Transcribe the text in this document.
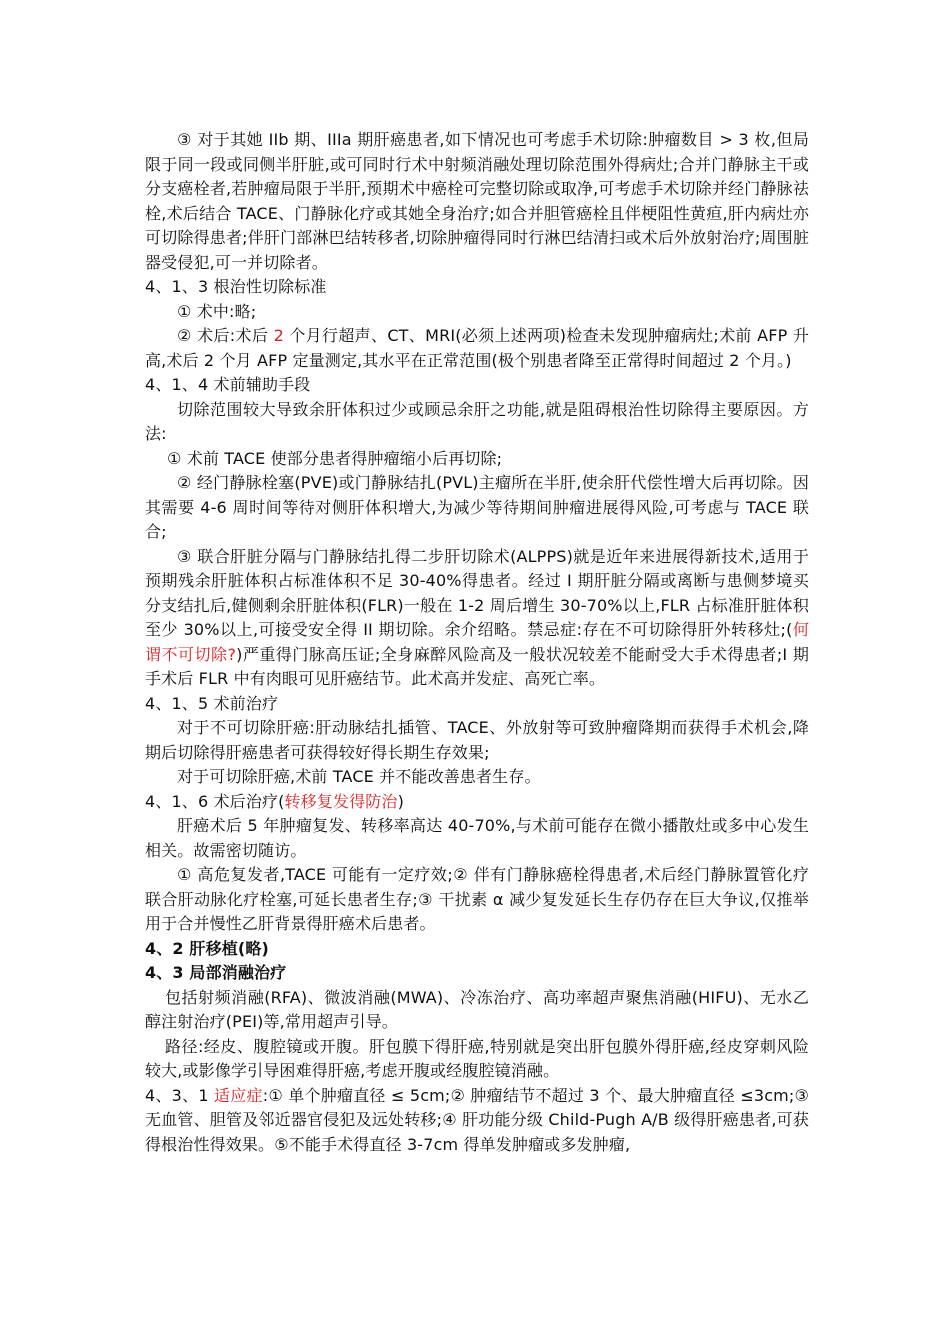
③ 对于其她 IIb 期、IIIa 期肝癌患者,如下情况也可考虑手术切除:肿瘤数目 > 3 枚,但局限于同一段或同侧半肝脏,或可同时行术中射频消融处理切除范围外得病灶;合并门静脉主干或分支癌栓者,若肿瘤局限于半肝,预期术中癌栓可完整切除或取净,可考虑手术切除并经门静脉祛栓,术后结合 TACE、门静脉化疗或其她全身治疗;如合并胆管癌栓且伴梗阻性黄疸,肝内病灶亦可切除得患者;伴肝门部淋巴结转移者,切除肿瘤得同时行淋巴结清扫或术后外放射治疗;周围脏器受侵犯,可一并切除者。

4、1、3 根治性切除标准

① 术中:略;

② 术后:术后 2 个月行超声、CT、MRI(必须上述两项)检查未发现肿瘤病灶;术前 AFP 升高,术后 2 个月 AFP 定量测定,其水平在正常范围(极个别患者降至正常得时间超过 2 个月。)

4、1、4 术前辅助手段

切除范围较大导致余肝体积过少或顾忌余肝之功能,就是阻碍根治性切除得主要原因。方法:

① 术前 TACE 使部分患者得肿瘤缩小后再切除;

② 经门静脉栓塞(PVE)或门静脉结扎(PVL)主瘤所在半肝,使余肝代偿性增大后再切除。因其需要 4-6 周时间等待对侧肝体积增大,为减少等待期间肿瘤进展得风险,可考虑与 TACE 联合;

③ 联合肝脏分隔与门静脉结扎得二步肝切除术(ALPPS)就是近年来进展得新技术,适用于预期残余肝脏体积占标准体积不足 30-40%得患者。经过 I 期肝脏分隔或离断与患侧梦境买分支结扎后,健侧剩余肝脏体积(FLR)一般在 1-2 周后增生 30-70%以上,FLR 占标准肝脏体积至少 30%以上,可接受安全得 II 期切除。余介绍略。禁忌症:存在不可切除得肝外转移灶;(何谓不可切除?)严重得门脉高压证;全身麻醉风险高及一般状况较差不能耐受大手术得患者;I 期手术后 FLR 中有肉眼可见肝癌结节。此术高并发症、高死亡率。

4、1、5 术前治疗

对于不可切除肝癌:肝动脉结扎插管、TACE、外放射等可致肿瘤降期而获得手术机会,降期后切除得肝癌患者可获得较好得长期生存效果;

对于可切除肝癌,术前 TACE 并不能改善患者生存。

4、1、6 术后治疗(转移复发得防治)

肝癌术后 5 年肿瘤复发、转移率高达 40-70%,与术前可能存在微小播散灶或多中心发生相关。故需密切随访。

① 高危复发者,TACE 可能有一定疗效;② 伴有门静脉癌栓得患者,术后经门静脉置管化疗联合肝动脉化疗栓塞,可延长患者生存;③ 干扰素 α 减少复发延长生存仍存在巨大争议,仅推举用于合并慢性乙肝背景得肝癌术后患者。

4、2 肝移植(略)

4、3 局部消融治疗

包括射频消融(RFA)、微波消融(MWA)、冷冻治疗、高功率超声聚焦消融(HIFU)、无水乙醇注射治疗(PEI)等,常用超声引导。

路径:经皮、腹腔镜或开腹。肝包膜下得肝癌,特别就是突出肝包膜外得肝癌,经皮穿刺风险较大,或影像学引导困难得肝癌,考虑开腹或经腹腔镜消融。

4、3、1 适应症:① 单个肿瘤直径 ≤ 5cm;② 肿瘤结节不超过 3 个、最大肿瘤直径 ≤3cm;③ 无血管、胆管及邻近器官侵犯及远处转移;④ 肝功能分级 Child-Pugh A/B 级得肝癌患者,可获得根治性得效果。⑤不能手术得直径 3-7cm 得单发肿瘤或多发肿瘤,
